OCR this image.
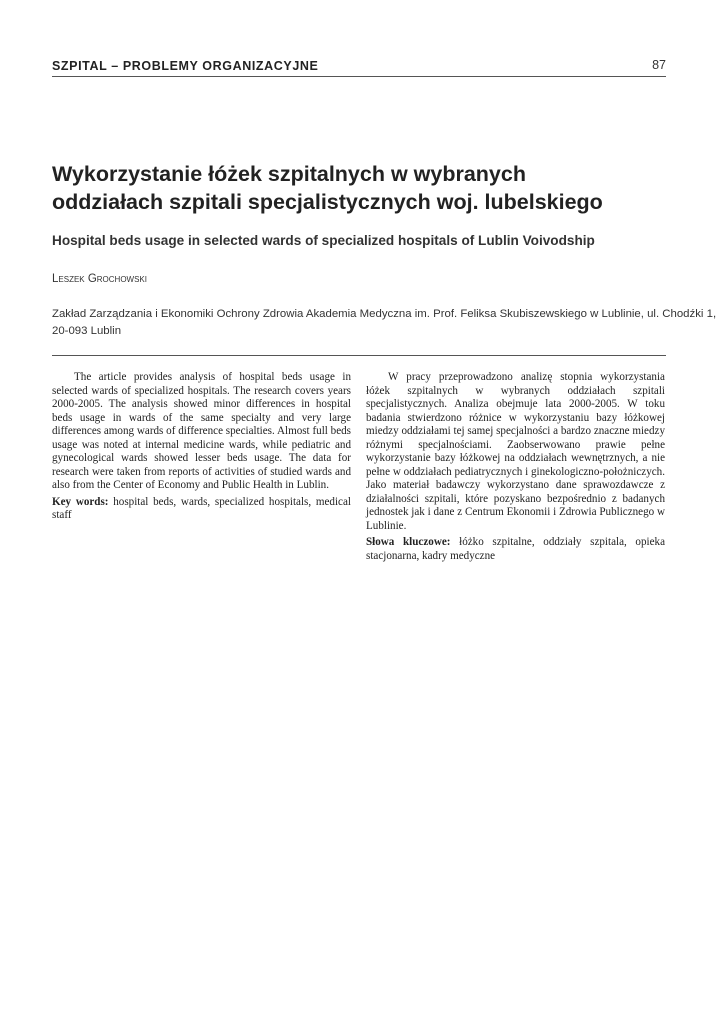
SZPITAL – PROBLEMY ORGANIZACYJNE	87
Wykorzystanie łóżek szpitalnych w wybranych
oddziałach szpitali specjalistycznych woj. lubelskiego
Hospital beds usage in selected wards of specialized hospitals of Lublin Voivodship
Leszek Grochowski
Zakład Zarządzania i Ekonomiki Ochrony Zdrowia Akademia Medyczna im. Prof. Feliksa Skubiszewskiego w Lublinie, ul. Chodźki 1,
20-093 Lublin

The article provides analysis of hospital beds usage in selected wards of specialized hospitals. The research covers years 2000-2005. The analysis showed minor differences in hospital beds usage in wards of the same specialty and very large differences among wards of difference specialties. Almost full beds usage was noted at internal medicine wards, while pediatric and gynecological wards showed lesser beds usage. The data for research were taken from reports of activities of studied wards and also from the Center of Economy and Public Health in Lublin.

Key words: hospital beds, wards, specialized hospitals, medical staff

W pracy przeprowadzono analizę stopnia wykorzystania łóżek szpitalnych w wybranych oddziałach szpitali specjalistycznych. Analiza obejmuje lata 2000-2005. W toku badania stwierdzono różnice w wykorzystaniu bazy łóżkowej miedzy oddziałami tej samej specjalności a bardzo znaczne miedzy różnymi specjalnościami. Zaobserwowano prawie pełne wykorzystanie bazy łóżkowej na oddziałach wewnętrznych, a nie pełne w oddziałach pediatrycznych i ginekologiczno-położniczych. Jako materiał badawczy wykorzystano dane sprawozdawcze z działalności szpitali, które pozyskano bezpośrednio z badanych jednostek jak i dane z Centrum Ekonomii i Zdrowia Publicznego w Lublinie.

Słowa kluczowe: łóżko szpitalne, oddziały szpitala, opieka stacjonarna, kadry medyczne
